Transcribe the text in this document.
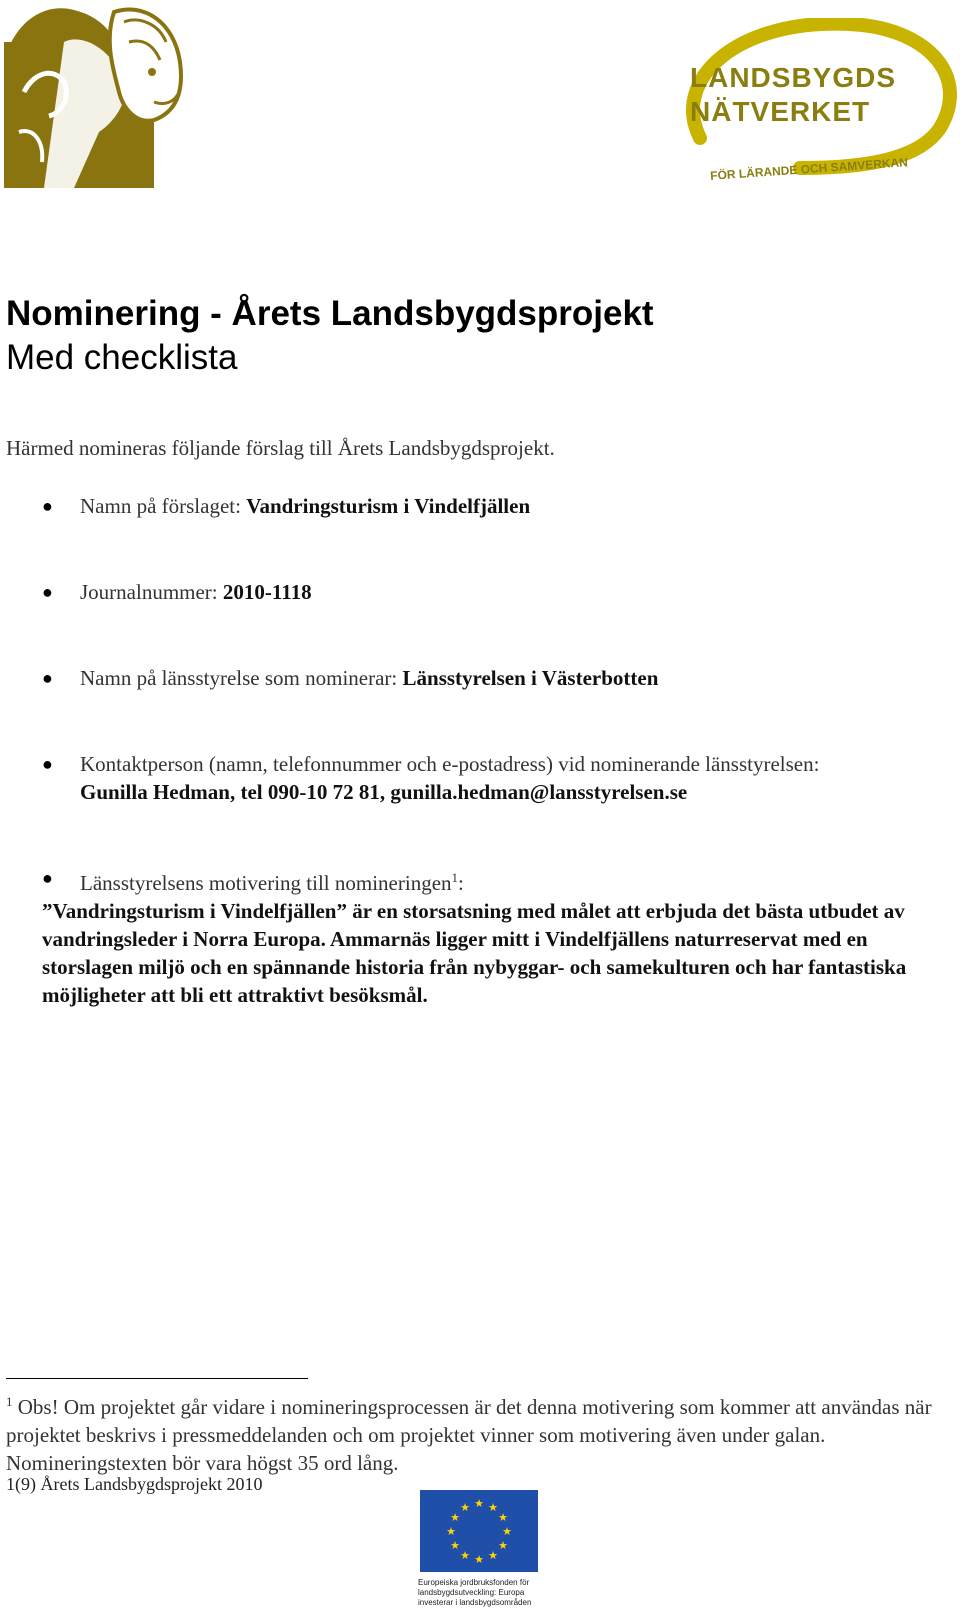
LANDSBYGDS
NÄTVERKET
FÖR LÄRANDE OCH SAMVERKAN
Nominering - Årets Landsbygdsprojekt
Med checklista
Härmed nomineras följande förslag till Årets Landsbygdsprojekt.
● Namn på förslaget: Vandringsturism i Vindelfjällen
● Journalnummer: 2010-1118
● Namn på länsstyrelse som nominerar: Länsstyrelsen i Västerbotten
● Kontaktperson (namn, telefonnummer och e-postadress) vid nominerande länsstyrelsen:
Gunilla Hedman, tel 090-10 72 81, gunilla.hedman@lansstyrelsen.se
● Länsstyrelsens motivering till nomineringen$^1$:
”Vandringsturism i Vindelfjällen” är en storsatsning med målet att erbjuda det bästa utbudet av vandringsleder i Norra Europa. Ammarnäs ligger mitt i Vindelfjällens naturreservat med en storslagen miljö och en spännande historia från nybyggar- och samekulturen och har fantastiska möjligheter att bli ett attraktivt besöksmål.
$^1$ Obs! Om projektet går vidare i nomineringsprocessen är det denna motivering som kommer att användas när projektet beskrivs i pressmeddelanden och om projektet vinner som motivering även under galan. Nomineringstexten bör vara högst 35 ord lång.
1(9) Årets Landsbygdsprojekt 2010
★ ★
★
★
★
★
★
★
★
★
★
★
Europeiska jordbruksfonden för landsbygdsutveckling: Europa investerar i landsbygdsområden
